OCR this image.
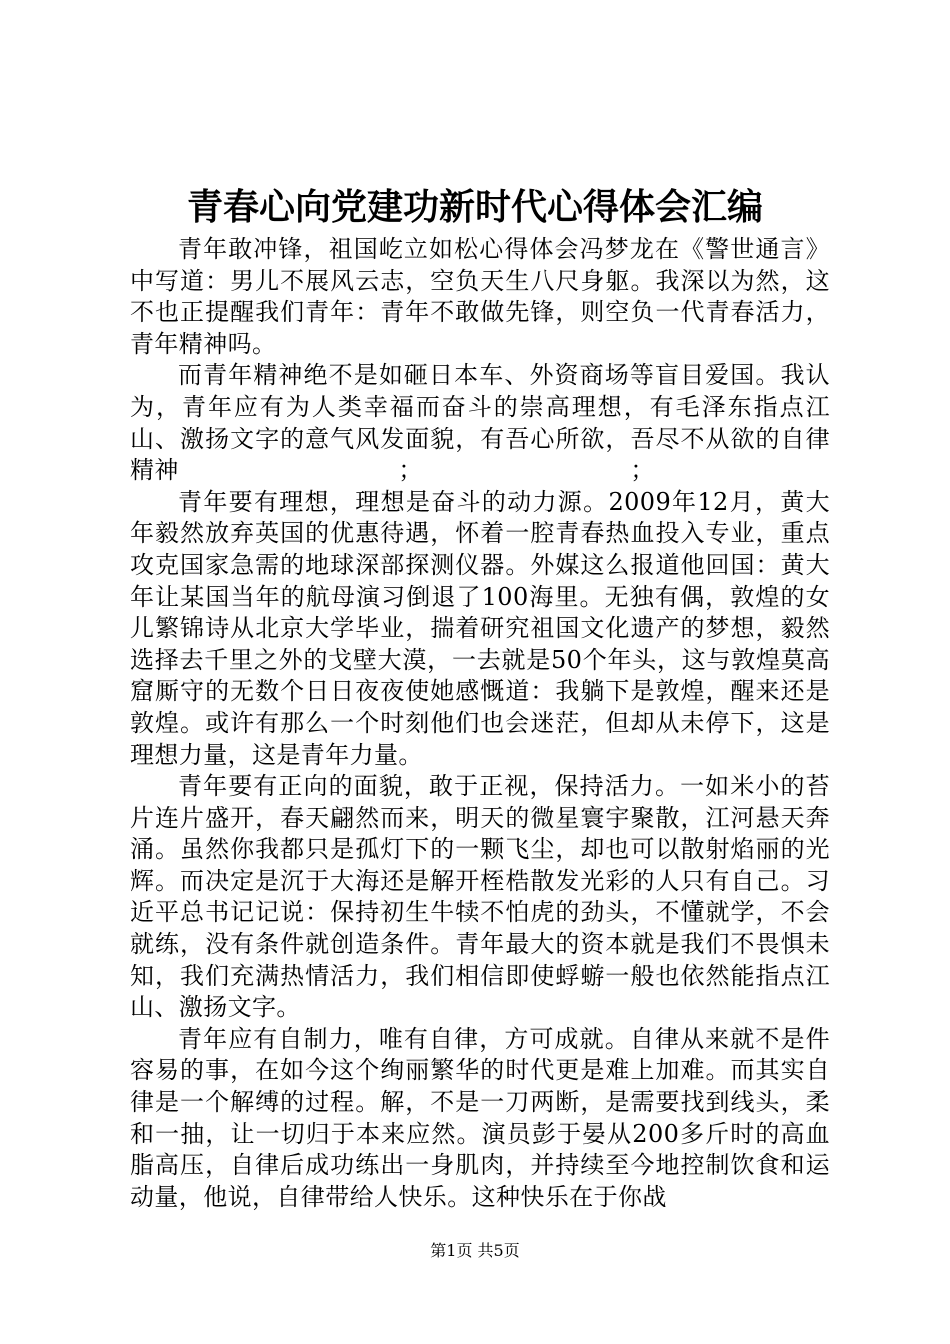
青春心向党建功新时代心得体会汇编

青年敢冲锋，祖国屹立如松心得体会冯梦龙在《警世通言》中写道：男儿不展风云志，空负天生八尺身躯。我深以为然，这不也正提醒我们青年：青年不敢做先锋，则空负一代青春活力，青年精神吗。

而青年精神绝不是如砸日本车、外资商场等盲目爱国。我认为，青年应有为人类幸福而奋斗的崇高理想，有毛泽东指点江山、激扬文字的意气风发面貌，有吾心所欲，吾尽不从欲的自律精神　　　　　　　　　；　　　　　　　　　；

青年要有理想，理想是奋斗的动力源。2009年12月，黄大年毅然放弃英国的优惠待遇，怀着一腔青春热血投入专业，重点攻克国家急需的地球深部探测仪器。外媒这么报道他回国：黄大年让某国当年的航母演习倒退了100海里。无独有偶，敦煌的女儿繁锦诗从北京大学毕业，揣着研究祖国文化遗产的梦想，毅然选择去千里之外的戈壁大漠，一去就是50个年头，这与敦煌莫高窟厮守的无数个日日夜夜使她感慨道：我躺下是敦煌，醒来还是敦煌。或许有那么一个时刻他们也会迷茫，但却从未停下，这是理想力量，这是青年力量。

青年要有正向的面貌，敢于正视，保持活力。一如米小的苔片连片盛开，春天翩然而来，明天的微星寰宇聚散，江河悬天奔涌。虽然你我都只是孤灯下的一颗飞尘，却也可以散射焰丽的光辉。而决定是沉于大海还是解开桎梏散发光彩的人只有自己。习近平总书记记说：保持初生牛犊不怕虎的劲头，不懂就学，不会就练，没有条件就创造条件。青年最大的资本就是我们不畏惧未知，我们充满热情活力，我们相信即使蜉蝣一般也依然能指点江山、激扬文字。

青年应有自制力，唯有自律，方可成就。自律从来就不是件容易的事，在如今这个绚丽繁华的时代更是难上加难。而其实自律是一个解缚的过程。解，不是一刀两断，是需要找到线头，柔和一抽，让一切归于本来应然。演员彭于晏从200多斤时的高血脂高压，自律后成功练出一身肌肉，并持续至今地控制饮食和运动量，他说，自律带给人快乐。这种快乐在于你战

第1页 共5页
